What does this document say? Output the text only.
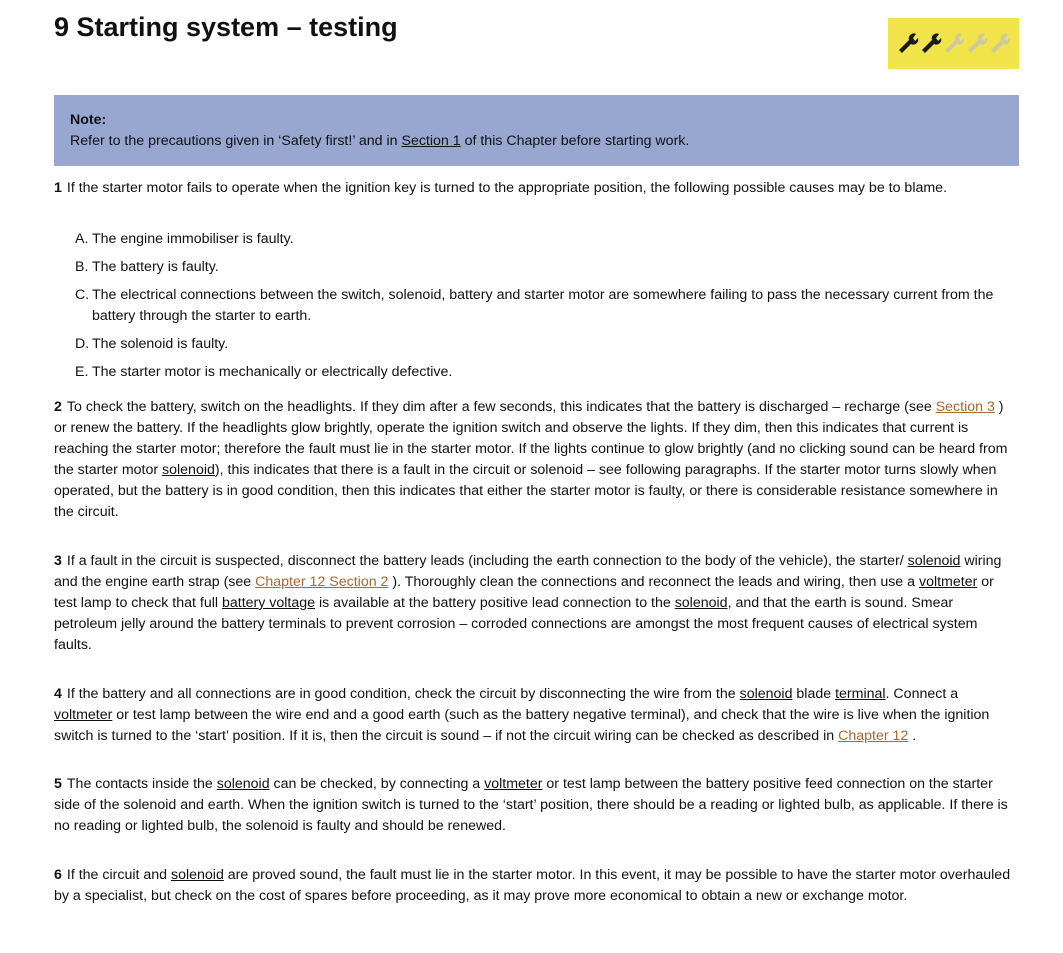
9 Starting system – testing

Note:

Refer to the precautions given in ‘Safety first!’ and in Section 1 of this Chapter before starting work.

1 If the starter motor fails to operate when the ignition key is turned to the appropriate position, the following possible causes may be to blame.

A. The engine immobiliser is faulty.
B. The battery is faulty.
C. The electrical connections between the switch, solenoid, battery and starter motor are somewhere failing to pass the necessary current from the battery through the starter to earth.
D. The solenoid is faulty.
E. The starter motor is mechanically or electrically defective.

2 To check the battery, switch on the headlights. If they dim after a few seconds, this indicates that the battery is discharged – recharge (see Section 3 ) or renew the battery. If the headlights glow brightly, operate the ignition switch and observe the lights. If they dim, then this indicates that current is reaching the starter motor; therefore the fault must lie in the starter motor. If the lights continue to glow brightly (and no clicking sound can be heard from the starter motor solenoid), this indicates that there is a fault in the circuit or solenoid – see following paragraphs. If the starter motor turns slowly when operated, but the battery is in good condition, then this indicates that either the starter motor is faulty, or there is considerable resistance somewhere in the circuit.

3 If a fault in the circuit is suspected, disconnect the battery leads (including the earth connection to the body of the vehicle), the starter/ solenoid wiring and the engine earth strap (see Chapter 12 Section 2 ). Thoroughly clean the connections and reconnect the leads and wiring, then use a voltmeter or test lamp to check that full battery voltage is available at the battery positive lead connection to the solenoid, and that the earth is sound. Smear petroleum jelly around the battery terminals to prevent corrosion – corroded connections are amongst the most frequent causes of electrical system faults.

4 If the battery and all connections are in good condition, check the circuit by disconnecting the wire from the solenoid blade terminal. Connect a voltmeter or test lamp between the wire end and a good earth (such as the battery negative terminal), and check that the wire is live when the ignition switch is turned to the ‘start’ position. If it is, then the circuit is sound – if not the circuit wiring can be checked as described in Chapter 12 .

5 The contacts inside the solenoid can be checked, by connecting a voltmeter or test lamp between the battery positive feed connection on the starter side of the solenoid and earth. When the ignition switch is turned to the ‘start’ position, there should be a reading or lighted bulb, as applicable. If there is no reading or lighted bulb, the solenoid is faulty and should be renewed.

6 If the circuit and solenoid are proved sound, the fault must lie in the starter motor. In this event, it may be possible to have the starter motor overhauled by a specialist, but check on the cost of spares before proceeding, as it may prove more economical to obtain a new or exchange motor.
